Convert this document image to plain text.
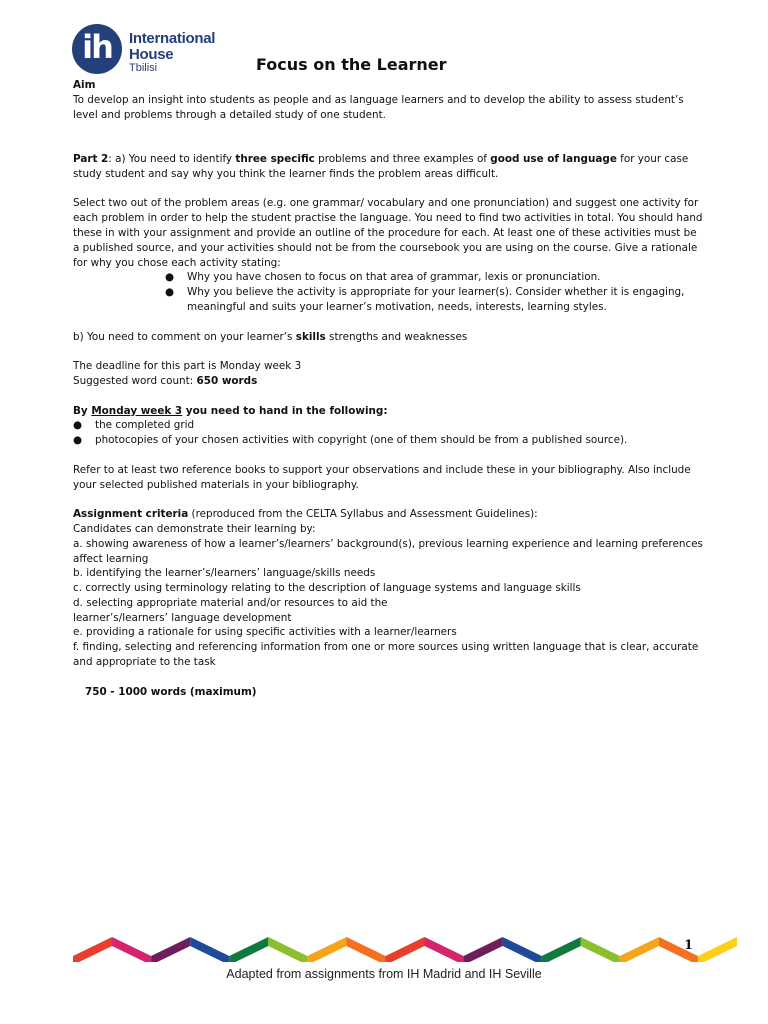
ih	International
House
Tbilisi	Focus on the Learner

Aim

To develop an insight into students as people and as language learners and to develop the ability to assess student’s level and problems through a detailed study of one student.

Part 2: a) You need to identify three specific problems and three examples of good use of language for your case study student and say why you think the learner finds the problem areas difficult.

Select two out of the problem areas (e.g. one grammar/ vocabulary and one pronunciation) and suggest one activity for each problem in order to help the student practise the language. You need to find two activities in total. You should hand these in with your assignment and provide an outline of the procedure for each. At least one of these activities must be a published source, and your activities should not be from the coursebook you are using on the course. Give a rationale for why you chose each activity stating:

● Why you have chosen to focus on that area of grammar, lexis or pronunciation.
● Why you believe the activity is appropriate for your learner(s). Consider whether it is engaging, meaningful and suits your learner’s motivation, needs, interests, learning styles.

b) You need to comment on your learner’s skills strengths and weaknesses

The deadline for this part is Monday week 3

Suggested word count: 650 words

By Monday week 3 you need to hand in the following:

● the completed grid
● photocopies of your chosen activities with copyright (one of them should be from a published source).

Refer to at least two reference books to support your observations and include these in your bibliography. Also include your selected published materials in your bibliography.

Assignment criteria (reproduced from the CELTA Syllabus and Assessment Guidelines):

Candidates can demonstrate their learning by:

a. showing awareness of how a learner’s/learners’ background(s), previous learning experience and learning preferences affect learning

b. identifying the learner’s/learners’ language/skills needs

c. correctly using terminology relating to the description of language systems and language skills

d. selecting appropriate material and/or resources to aid the

learner’s/learners’ language development

e. providing a rationale for using specific activities with a learner/learners

f. finding, selecting and referencing information from one or more sources using written language that is clear, accurate and appropriate to the task

750 - 1000 words (maximum)

1
Adapted from assignments from IH Madrid and IH Seville
